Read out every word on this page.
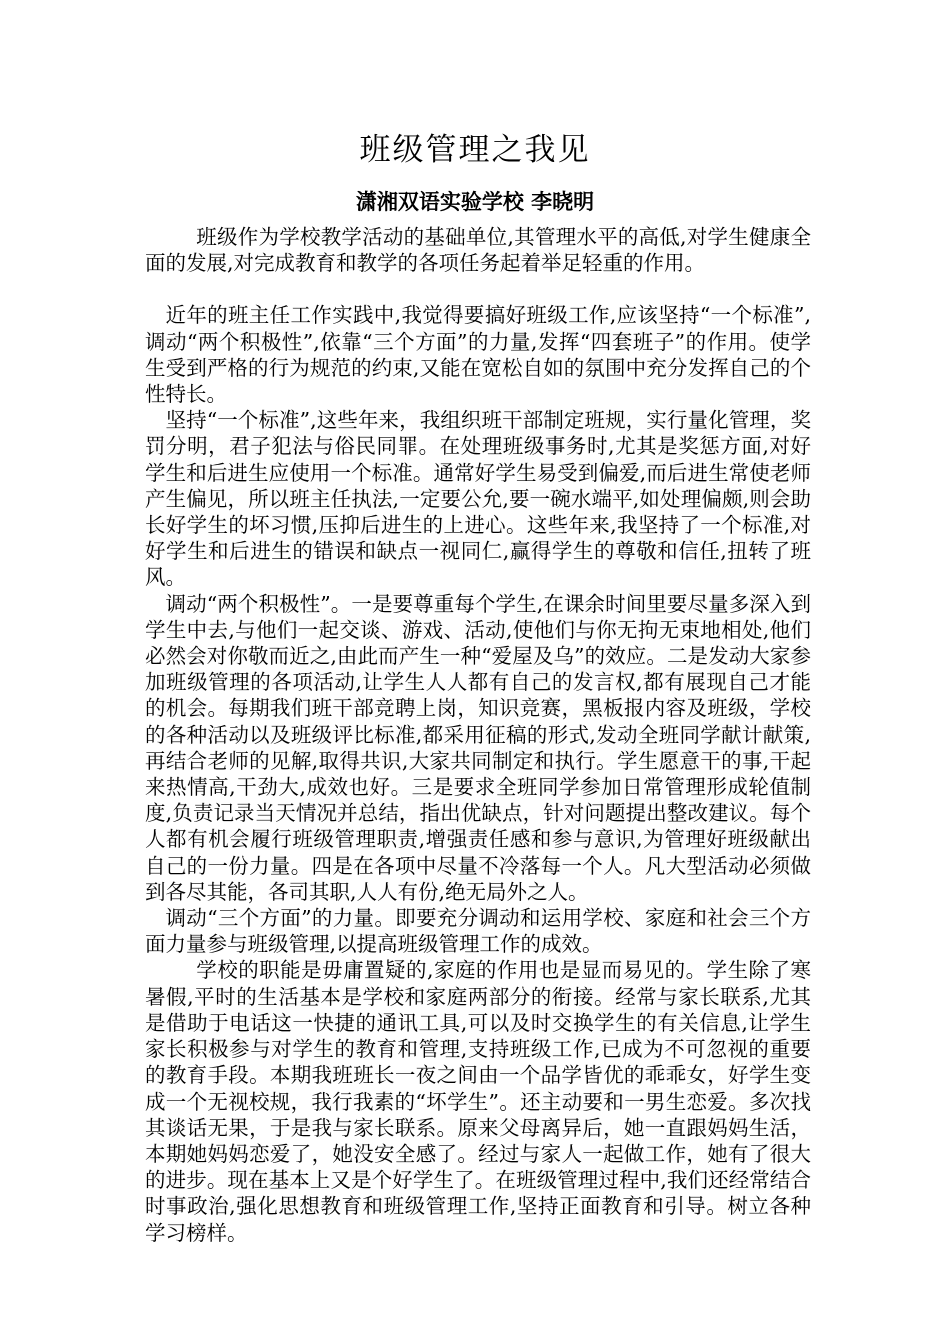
班级管理之我见
潇湘双语实验学校 李晓明

班级作为学校教学活动的基础单位,其管理水平的高低,对学生健康全面的发展,对完成教育和教学的各项任务起着举足轻重的作用。

近年的班主任工作实践中,我觉得要搞好班级工作,应该坚持“一个标准”,调动“两个积极性”,依靠“三个方面”的力量,发挥“四套班子”的作用。使学生受到严格的行为规范的约束,又能在宽松自如的氛围中充分发挥自己的个性特长。

坚持“一个标准”,这些年来，我组织班干部制定班规，实行量化管理，奖罚分明，君子犯法与俗民同罪。在处理班级事务时,尤其是奖惩方面,对好学生和后进生应使用一个标准。通常好学生易受到偏爱,而后进生常使老师产生偏见，所以班主任执法,一定要公允,要一碗水端平,如处理偏颇,则会助长好学生的坏习惯,压抑后进生的上进心。这些年来,我坚持了一个标准,对好学生和后进生的错误和缺点一视同仁,赢得学生的尊敬和信任,扭转了班风。

调动“两个积极性”。一是要尊重每个学生,在课余时间里要尽量多深入到学生中去,与他们一起交谈、游戏、活动,使他们与你无拘无束地相处,他们必然会对你敬而近之,由此而产生一种“爱屋及乌”的效应。二是发动大家参加班级管理的各项活动,让学生人人都有自己的发言权,都有展现自己才能的机会。每期我们班干部竞聘上岗，知识竞赛，黑板报内容及班级，学校的各种活动以及班级评比标准,都采用征稿的形式,发动全班同学献计献策,再结合老师的见解,取得共识,大家共同制定和执行。学生愿意干的事,干起来热情高,干劲大,成效也好。三是要求全班同学参加日常管理形成轮值制度,负责记录当天情况并总结，指出优缺点，针对问题提出整改建议。每个人都有机会履行班级管理职责,增强责任感和参与意识,为管理好班级献出自己的一份力量。四是在各项中尽量不冷落每一个人。凡大型活动必须做到各尽其能，各司其职,人人有份,绝无局外之人。

调动“三个方面”的力量。即要充分调动和运用学校、家庭和社会三个方面力量参与班级管理,以提高班级管理工作的成效。

学校的职能是毋庸置疑的,家庭的作用也是显而易见的。学生除了寒暑假,平时的生活基本是学校和家庭两部分的衔接。经常与家长联系,尤其是借助于电话这一快捷的通讯工具,可以及时交换学生的有关信息,让学生家长积极参与对学生的教育和管理,支持班级工作,已成为不可忽视的重要的教育手段。本期我班班长一夜之间由一个品学皆优的乖乖女，好学生变成一个无视校规，我行我素的“坏学生”。还主动要和一男生恋爱。多次找其谈话无果，于是我与家长联系。原来父母离异后，她一直跟妈妈生活，本期她妈妈恋爱了，她没安全感了。经过与家人一起做工作，她有了很大的进步。现在基本上又是个好学生了。在班级管理过程中,我们还经常结合时事政治,强化思想教育和班级管理工作,坚持正面教育和引导。树立各种学习榜样。
